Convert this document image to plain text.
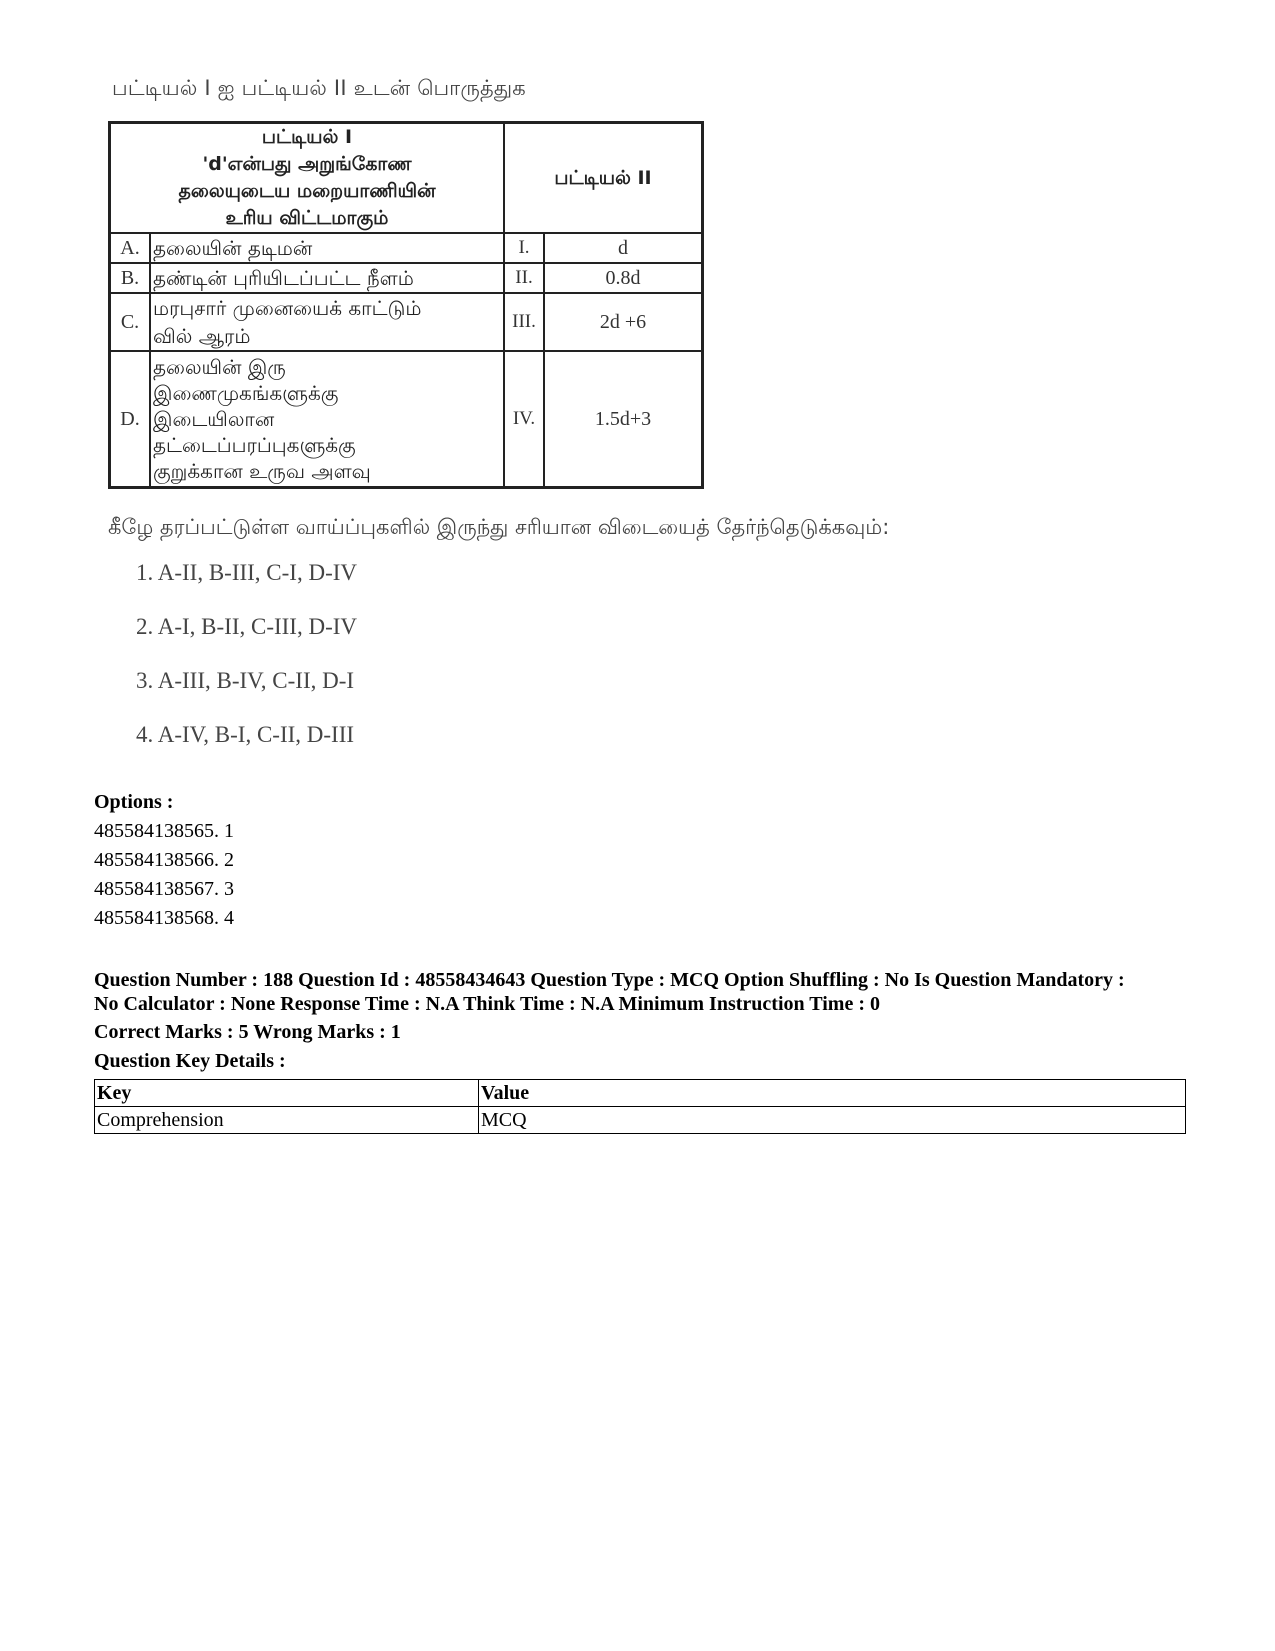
பட்டியல் I ஐ பட்டியல் II உடன் பொருத்துக
பட்டியல் I
'd'என்பது அறுங்கோண
தலையுடைய மறையாணியின்
உரிய விட்டமாகும்		பட்டியல் II	
A.	தலையின் தடிமன்	I.	d
B.	தண்டின் புரியிடப்பட்ட நீளம்	II.	0.8d
C.	மரபுசார் முனையைக் காட்டும்
வில் ஆரம்	III.	2d +6
D.	தலையின் இரு
இணைமுகங்களுக்கு
இடையிலான
தட்டைப்பரப்புகளுக்கு
குறுக்கான உருவ அளவு	IV.	1.5d+3
கீழே தரப்பட்டுள்ள வாய்ப்புகளில் இருந்து சரியான விடையைத் தேர்ந்தெடுக்கவும்:
1. A-II, B-III, C-I, D-IV
2. A-I, B-II, C-III, D-IV
3. A-III, B-IV, C-II, D-I
4. A-IV, B-I, C-II, D-III
Options :
485584138565. 1
485584138566. 2
485584138567. 3
485584138568. 4
Question Number : 188 Question Id : 48558434643 Question Type : MCQ Option Shuffling : No Is Question Mandatory :
No Calculator : None Response Time : N.A Think Time : N.A Minimum Instruction Time : 0
Correct Marks : 5 Wrong Marks : 1
Question Key Details :
Key	Value
Comprehension	MCQ
